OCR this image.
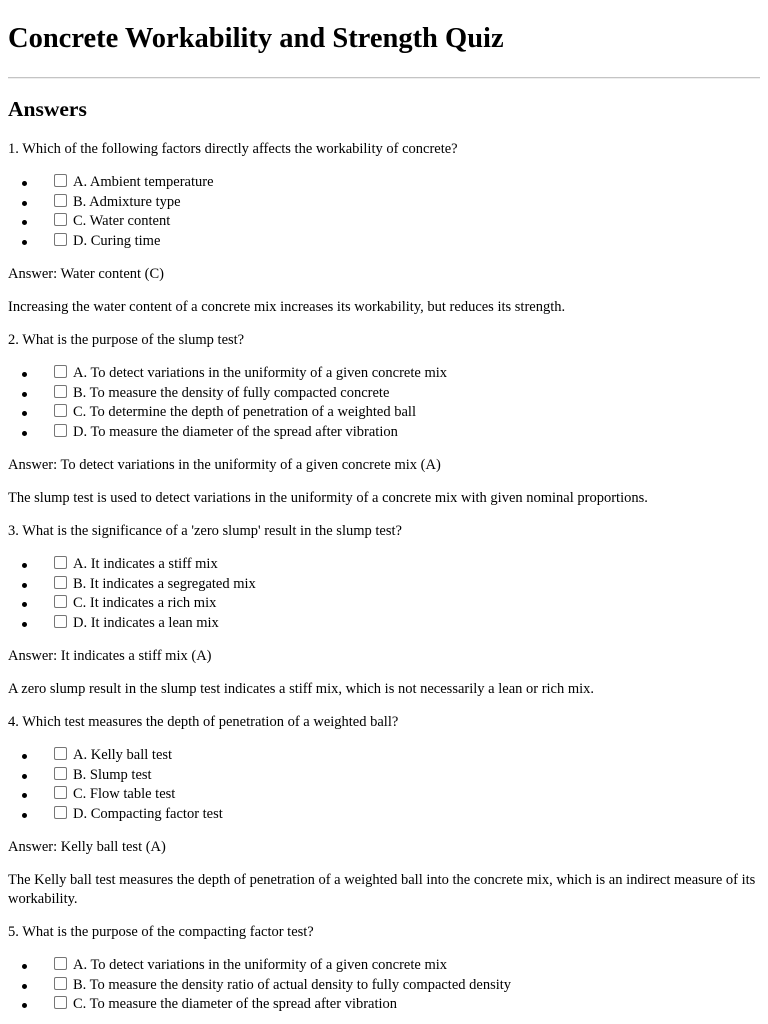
Concrete Workability and Strength Quiz
Answers

1. Which of the following factors directly affects the workability of concrete?

A. Ambient temperature
B. Admixture type
C. Water content
D. Curing time

Answer: Water content (C)

Increasing the water content of a concrete mix increases its workability, but reduces its strength.

2. What is the purpose of the slump test?

A. To detect variations in the uniformity of a given concrete mix
B. To measure the density of fully compacted concrete
C. To determine the depth of penetration of a weighted ball
D. To measure the diameter of the spread after vibration

Answer: To detect variations in the uniformity of a given concrete mix (A)

The slump test is used to detect variations in the uniformity of a concrete mix with given nominal proportions.

3. What is the significance of a 'zero slump' result in the slump test?

A. It indicates a stiff mix
B. It indicates a segregated mix
C. It indicates a rich mix
D. It indicates a lean mix

Answer: It indicates a stiff mix (A)

A zero slump result in the slump test indicates a stiff mix, which is not necessarily a lean or rich mix.

4. Which test measures the depth of penetration of a weighted ball?

A. Kelly ball test
B. Slump test
C. Flow table test
D. Compacting factor test

Answer: Kelly ball test (A)

The Kelly ball test measures the depth of penetration of a weighted ball into the concrete mix, which is an indirect measure of its workability.

5. What is the purpose of the compacting factor test?

A. To detect variations in the uniformity of a given concrete mix
B. To measure the density ratio of actual density to fully compacted density
C. To measure the diameter of the spread after vibration
